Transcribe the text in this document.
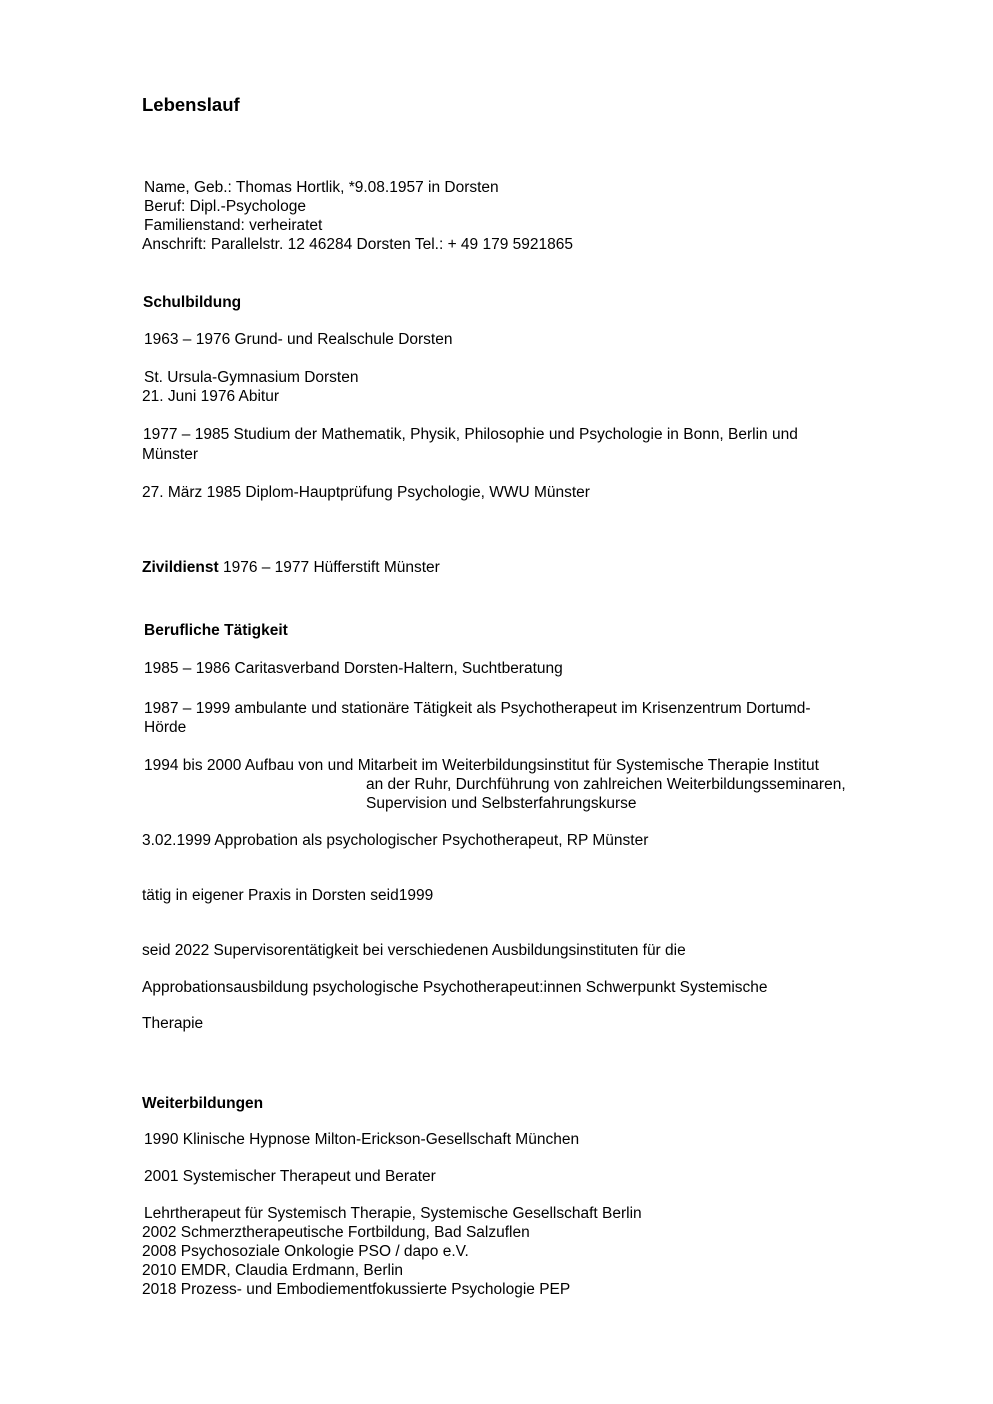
Lebenslauf
Name, Geb.: Thomas Hortlik, *9.08.1957 in Dorsten
Beruf: Dipl.-Psychologe
Familienstand: verheiratet
Anschrift: Parallelstr. 12 46284 Dorsten Tel.: + 49 179 5921865
Schulbildung
1963 – 1976 Grund- und Realschule Dorsten
St. Ursula-Gymnasium Dorsten
21. Juni 1976 Abitur
1977 – 1985 Studium der Mathematik, Physik, Philosophie und Psychologie in Bonn, Berlin und
Münster
27. März 1985 Diplom-Hauptprüfung Psychologie, WWU Münster
Zivildienst 1976 – 1977 Hüfferstift Münster
Berufliche Tätigkeit
1985 – 1986 Caritasverband Dorsten-Haltern, Suchtberatung
1987 – 1999 ambulante und stationäre Tätigkeit als Psychotherapeut im Krisenzentrum Dortumd-
Hörde
1994 bis 2000 Aufbau von und Mitarbeit im Weiterbildungsinstitut für Systemische Therapie Institut
an der Ruhr, Durchführung von zahlreichen Weiterbildungsseminaren,
Supervision und Selbsterfahrungskurse
3.02.1999 Approbation als psychologischer Psychotherapeut, RP Münster
tätig in eigener Praxis in Dorsten seid1999
seid 2022 Supervisorentätigkeit bei verschiedenen Ausbildungsinstituten für die
Approbationsausbildung psychologische Psychotherapeut:innen Schwerpunkt Systemische
Therapie
Weiterbildungen
1990 Klinische Hypnose Milton-Erickson-Gesellschaft München
2001 Systemischer Therapeut und Berater
Lehrtherapeut für Systemisch Therapie, Systemische Gesellschaft Berlin
2002 Schmerztherapeutische Fortbildung, Bad Salzuflen
2008 Psychosoziale Onkologie PSO / dapo e.V.
2010 EMDR, Claudia Erdmann, Berlin
2018 Prozess- und Embodiementfokussierte Psychologie PEP
